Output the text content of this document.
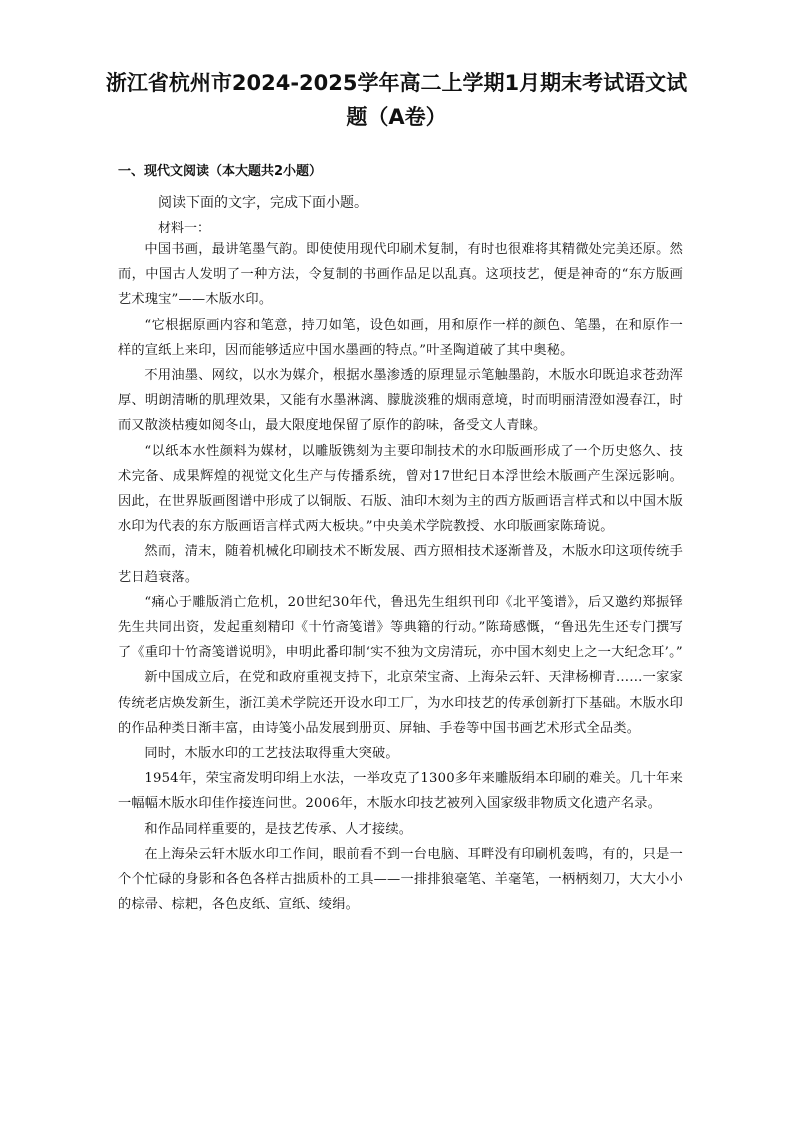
浙江省杭州市2024-2025学年高二上学期1月期末考试语文试题（A卷）
一、现代文阅读（本大题共2小题）
阅读下面的文字，完成下面小题。
材料一：

中国书画，最讲笔墨气韵。即使使用现代印刷术复制，有时也很难将其精微处完美还原。然而，中国古人发明了一种方法，令复制的书画作品足以乱真。这项技艺，便是神奇的“东方版画艺术瑰宝”——木版水印。

“它根据原画内容和笔意，持刀如笔，设色如画，用和原作一样的颜色、笔墨，在和原作一样的宣纸上来印，因而能够适应中国水墨画的特点。”叶圣陶道破了其中奥秘。

不用油墨、网纹，以水为媒介，根据水墨渗透的原理显示笔触墨韵，木版水印既追求苍劲浑厚、明朗清晰的肌理效果，又能有水墨淋漓、朦胧淡雅的烟雨意境，时而明丽清澄如漫春江，时而又散淡枯瘦如阅冬山，最大限度地保留了原作的韵味，备受文人青睐。

“以纸本水性颜料为媒材，以雕版镌刻为主要印制技术的水印版画形成了一个历史悠久、技术完备、成果辉煌的视觉文化生产与传播系统，曾对17世纪日本浮世绘木版画产生深远影响。因此，在世界版画图谱中形成了以铜版、石版、油印木刻为主的西方版画语言样式和以中国木版水印为代表的东方版画语言样式两大板块。”中央美术学院教授、水印版画家陈琦说。

然而，清末，随着机械化印刷技术不断发展、西方照相技术逐渐普及，木版水印这项传统手艺日趋衰落。

“痛心于雕版消亡危机，20世纪30年代，鲁迅先生组织刊印《北平笺谱》，后又邀约郑振铎先生共同出资，发起重刻精印《十竹斋笺谱》等典籍的行动。”陈琦感慨，“鲁迅先生还专门撰写了《重印十竹斋笺谱说明》，申明此番印制‘实不独为文房清玩，亦中国木刻史上之一大纪念耳’。”

新中国成立后，在党和政府重视支持下，北京荣宝斋、上海朵云轩、天津杨柳青……一家家传统老店焕发新生，浙江美术学院还开设水印工厂，为水印技艺的传承创新打下基础。木版水印的作品种类日渐丰富，由诗笺小品发展到册页、屏轴、手卷等中国书画艺术形式全品类。

同时，木版水印的工艺技法取得重大突破。

1954年，荣宝斋发明印绢上水法，一举攻克了1300多年来雕版绢本印刷的难关。几十年来一幅幅木版水印佳作接连问世。2006年，木版水印技艺被列入国家级非物质文化遗产名录。

和作品同样重要的，是技艺传承、人才接续。

在上海朵云轩木版水印工作间，眼前看不到一台电脑、耳畔没有印刷机轰鸣，有的，只是一个个忙碌的身影和各色各样古拙质朴的工具——一排排狼毫笔、羊毫笔，一柄柄刻刀，大大小小的棕帚、棕耙，各色皮纸、宣纸、绫绢。
